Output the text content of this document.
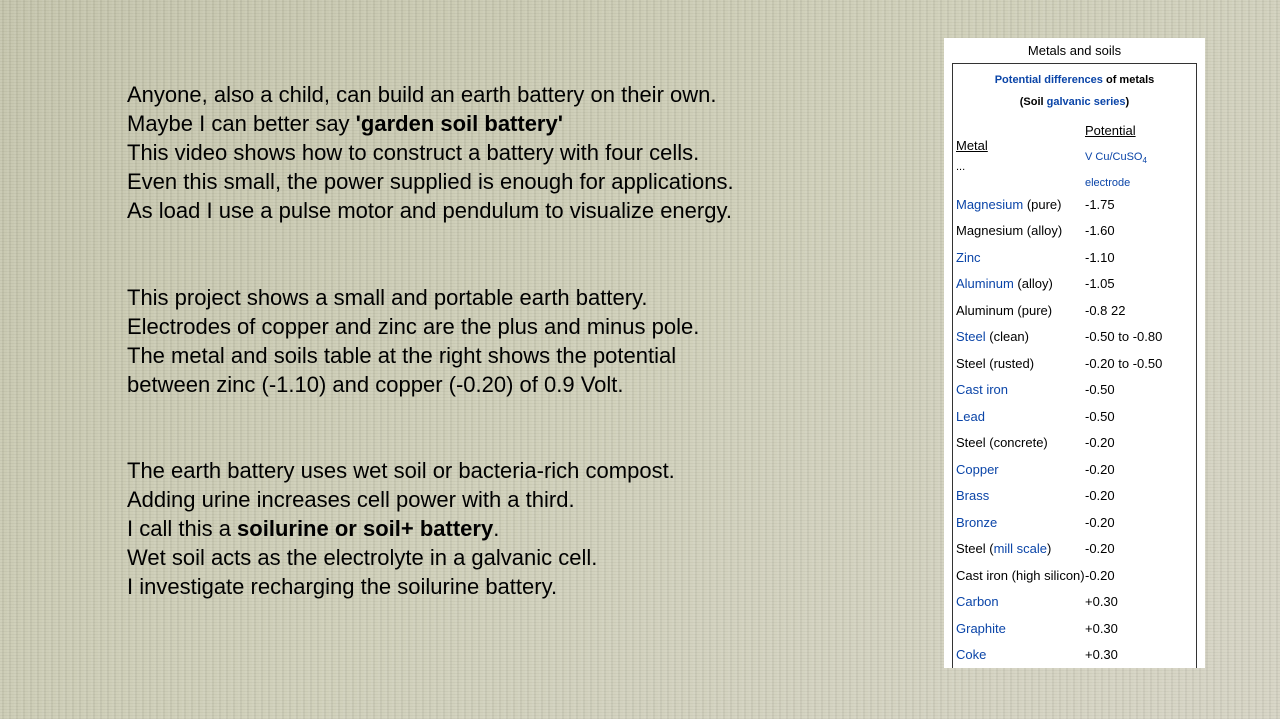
Anyone, also a child, can build an earth battery on their own.
Maybe I can better say 'garden soil battery'
This video shows how to construct a battery with four cells.
Even this small, the power supplied is enough for applications.
As load I use a pulse motor and pendulum to visualize energy.
This project shows a small and portable earth battery.
Electrodes of copper and zinc are the plus and minus pole.
The metal and soils table at the right shows the potential
between zinc (-1.10) and copper (-0.20) of 0.9 Volt.
The earth battery uses wet soil or bacteria-rich compost.
Adding urine increases cell power with a third.
I call this a soilurine or soil+ battery.
Wet soil acts as the electrolyte in a galvanic cell.
I investigate recharging the soilurine battery.
Metals and soils
Potential differences of metals
(Soil galvanic series)
Metal
...
Potential
V Cu/CuSO$_4$
electrode
Magnesium (pure)	-1.75
Magnesium (alloy)	-1.60
Zinc	-1.10
Aluminum (alloy)	-1.05
Aluminum (pure)	-0.8 22
Steel (clean)	-0.50 to -0.80
Steel (rusted)	-0.20 to -0.50
Cast iron	-0.50
Lead	-0.50
Steel (concrete)	-0.20
Copper	-0.20
Brass	-0.20
Bronze	-0.20
Steel (mill scale)	-0.20
Cast iron (high silicon) -0.20
Carbon	+0.30
Graphite	+0.30
Coke	+0.30
